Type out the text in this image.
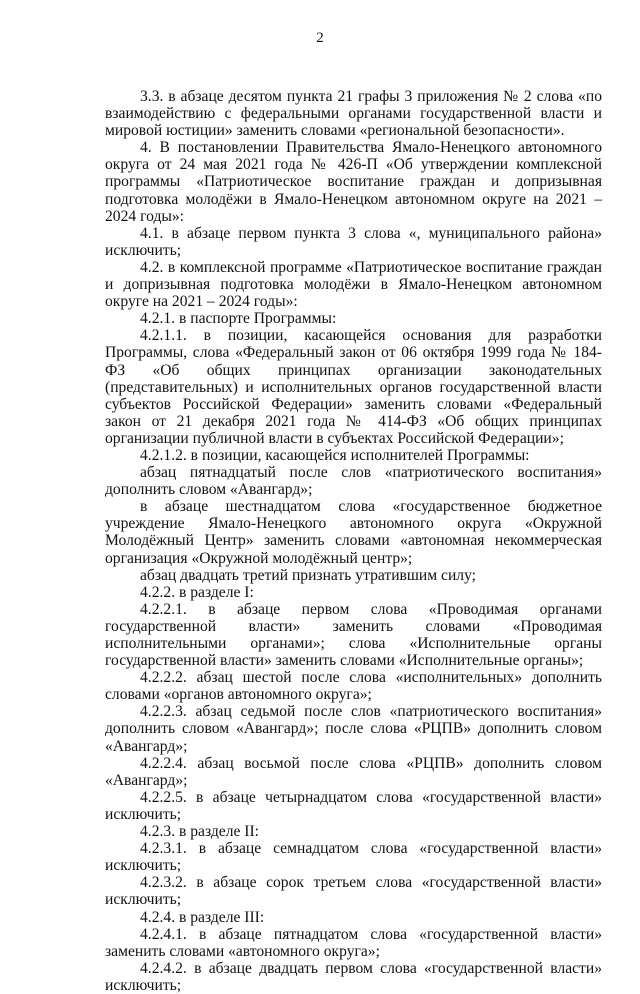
2

3.3. в абзаце десятом пункта 21 графы 3 приложения № 2 слова «по взаимодействию с федеральными органами государственной власти и мировой юстиции» заменить словами «региональной безопасности».

4. В постановлении Правительства Ямало-Ненецкого автономного округа от 24 мая 2021 года № 426-П «Об утверждении комплексной программы «Патриотическое воспитание граждан и допризывная подготовка молодёжи в Ямало-Ненецком автономном округе на 2021 – 2024 годы»:

4.1. в абзаце первом пункта 3 слова «, муниципального района» исключить;

4.2. в комплексной программе «Патриотическое воспитание граждан и допризывная подготовка молодёжи в Ямало-Ненецком автономном округе на 2021 – 2024 годы»:

4.2.1. в паспорте Программы:

4.2.1.1. в позиции, касающейся основания для разработки Программы, слова «Федеральный закон от 06 октября 1999 года № 184-ФЗ «Об общих принципах организации законодательных (представительных) и исполнительных органов государственной власти субъектов Российской Федерации» заменить словами «Федеральный закон от 21 декабря 2021 года № 414-ФЗ «Об общих принципах организации публичной власти в субъектах Российской Федерации»;

4.2.1.2. в позиции, касающейся исполнителей Программы:

абзац пятнадцатый после слов «патриотического воспитания» дополнить словом «Авангард»;

в абзаце шестнадцатом слова «государственное бюджетное учреждение Ямало-Ненецкого автономного округа «Окружной Молодёжный Центр» заменить словами «автономная некоммерческая организация «Окружной молодёжный центр»;

абзац двадцать третий признать утратившим силу;

4.2.2. в разделе I:

4.2.2.1. в абзаце первом слова «Проводимая органами государственной власти» заменить словами «Проводимая исполнительными органами»; слова «Исполнительные органы государственной власти» заменить словами «Исполнительные органы»;

4.2.2.2. абзац шестой после слова «исполнительных» дополнить словами «органов автономного округа»;

4.2.2.3. абзац седьмой после слов «патриотического воспитания» дополнить словом «Авангард»; после слова «РЦПВ» дополнить словом «Авангард»;

4.2.2.4. абзац восьмой после слова «РЦПВ» дополнить словом «Авангард»;

4.2.2.5. в абзаце четырнадцатом слова «государственной власти» исключить;

4.2.3. в разделе II:

4.2.3.1. в абзаце семнадцатом слова «государственной власти» исключить;

4.2.3.2. в абзаце сорок третьем слова «государственной власти» исключить;

4.2.4. в разделе III:

4.2.4.1. в абзаце пятнадцатом слова «государственной власти» заменить словами «автономного округа»;

4.2.4.2. в абзаце двадцать первом слова «государственной власти» исключить;
